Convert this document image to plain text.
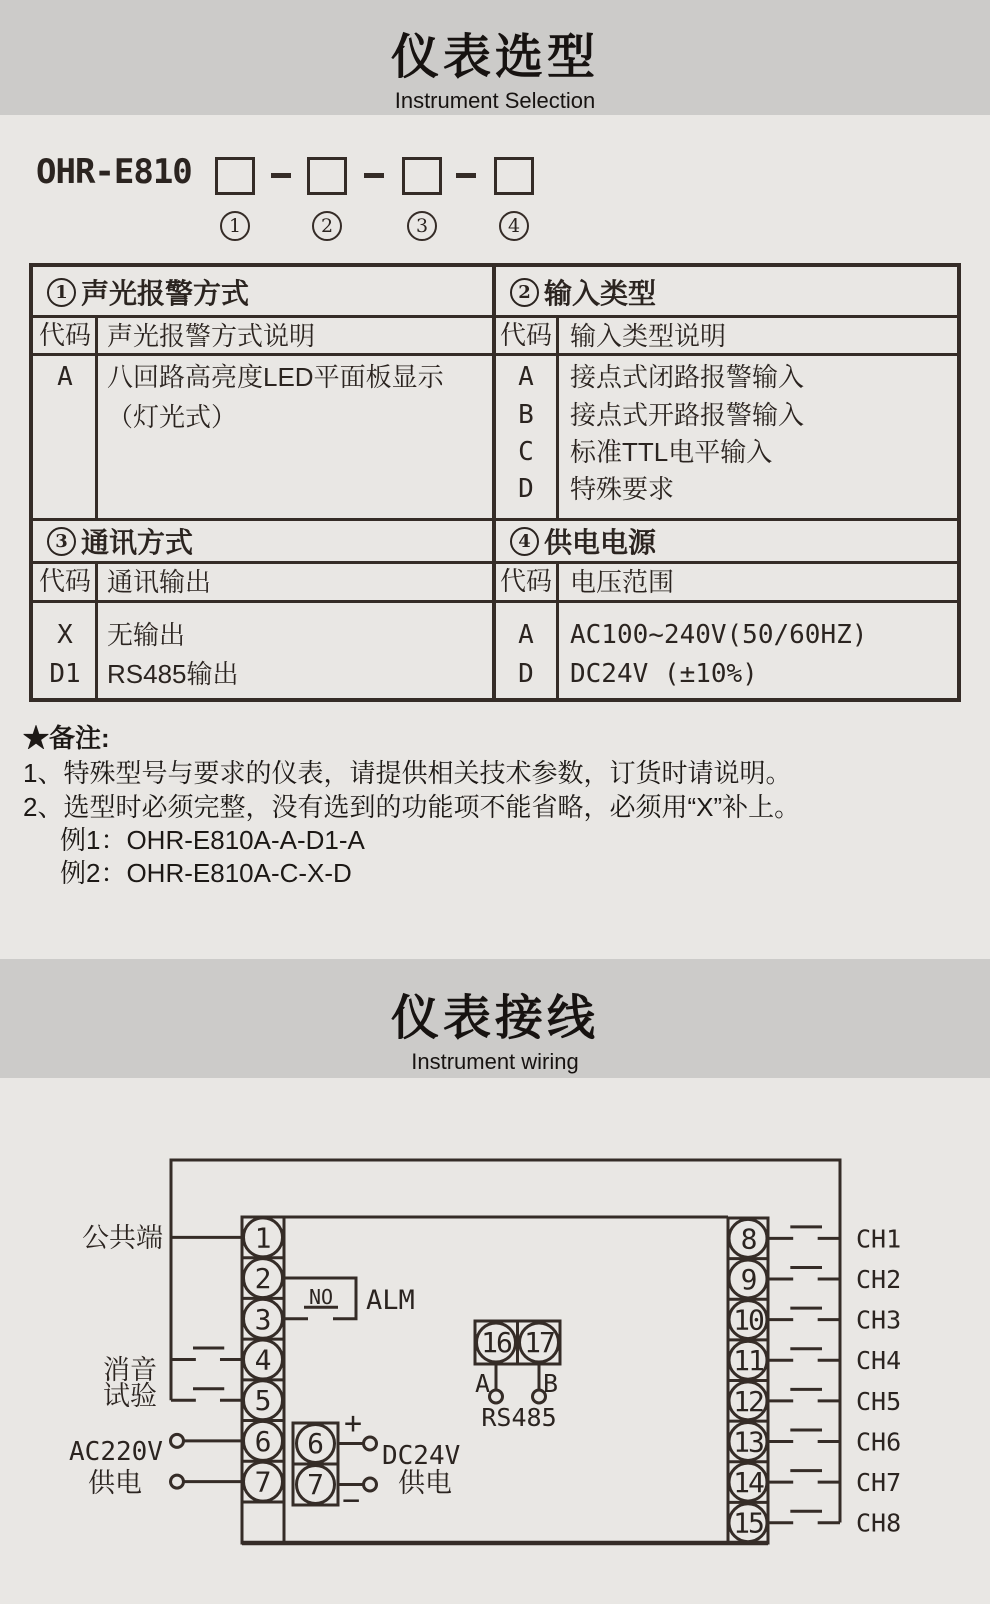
仪表选型
Instrument Selection
OHR-E810
1	2	3	4
1 声光报警方式
代码 声光报警方式说明
A	八回路高亮度LED平面板显示
（灯光式）
2 输入类型
代码 输入类型说明
A	接点式闭路报警输入
B	接点式开路报警输入
C	标准TTL电平输入
D	特殊要求
3 通讯方式
代码 通讯输出
X	无输出
D1	RS485输出
4 供电电源
代码 电压范围
A	AC100~240V(50/60HZ)
D	DC24V (±10%)
★备注:
1、特殊型号与要求的仪表，请提供相关技术参数，订货时请说明。
2、选型时必须完整，没有选到的功能项不能省略，必须用“X”补上。
例1：OHR-E810A-A-D1-A
例2：OHR-E810A-C-X-D
仪表接线
Instrument wiring
1
2
3
4
5
6
7
8	CH1
9	CH2
10	CH3
11	CH4
12	CH5
13	CH6
14	CH7
15	CH8
公共端
消音
试验
AC220V
供电
DC24V
供电
+
−
NO ALM
A B
RS485
6
7
16 17
